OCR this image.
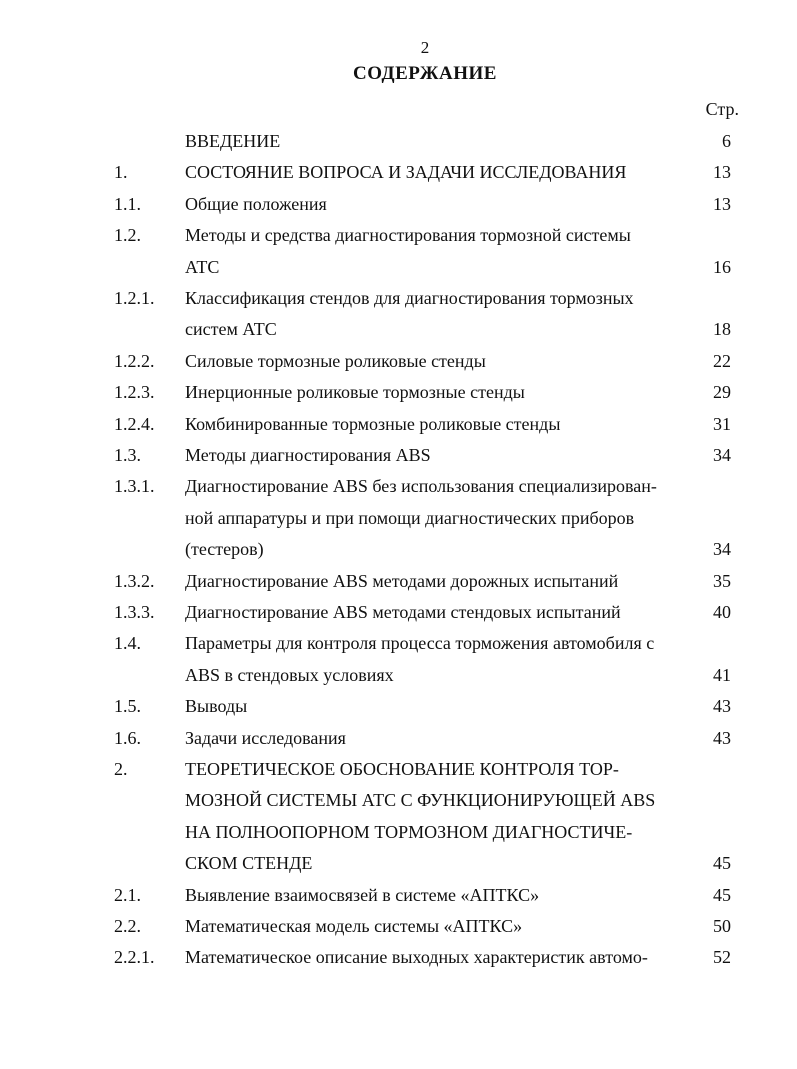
2
СОДЕРЖАНИЕ
Стр.
ВВЕДЕНИЕ	6
1.	СОСТОЯНИЕ ВОПРОСА И ЗАДАЧИ ИССЛЕДОВАНИЯ	13
1.1. Общие положения	13
1.2. Методы и средства диагностирования тормозной системы
АТС	16
1.2.1. Классификация стендов для диагностирования тормозных
систем АТС	18
1.2.2. Силовые тормозные роликовые стенды	22
1.2.3. Инерционные роликовые тормозные стенды	29
1.2.4. Комбинированные тормозные роликовые стенды	31
1.3. Методы диагностирования ABS	34
1.3.1. Диагностирование ABS без использования специализирован-
ной аппаратуры и при помощи диагностических приборов
(тестеров)	34
1.3.2. Диагностирование ABS методами дорожных испытаний	35
1.3.3. Диагностирование ABS методами стендовых испытаний	40
1.4. Параметры для контроля процесса торможения автомобиля с
ABS в стендовых условиях	41
1.5. Выводы	43
1.6. Задачи исследования	43
2.	ТЕОРЕТИЧЕСКОЕ ОБОСНОВАНИЕ КОНТРОЛЯ ТОР-
МОЗНОЙ СИСТЕМЫ АТС С ФУНКЦИОНИРУЮЩЕЙ ABS
НА ПОЛНООПОРНОМ ТОРМОЗНОМ ДИАГНОСТИЧЕ-
СКОМ СТЕНДЕ	45
2.1. Выявление взаимосвязей в системе «АПТКС»	45
2.2. Математическая модель системы «АПТКС»	50
2.2.1. Математическое описание выходных характеристик автомо-	52
